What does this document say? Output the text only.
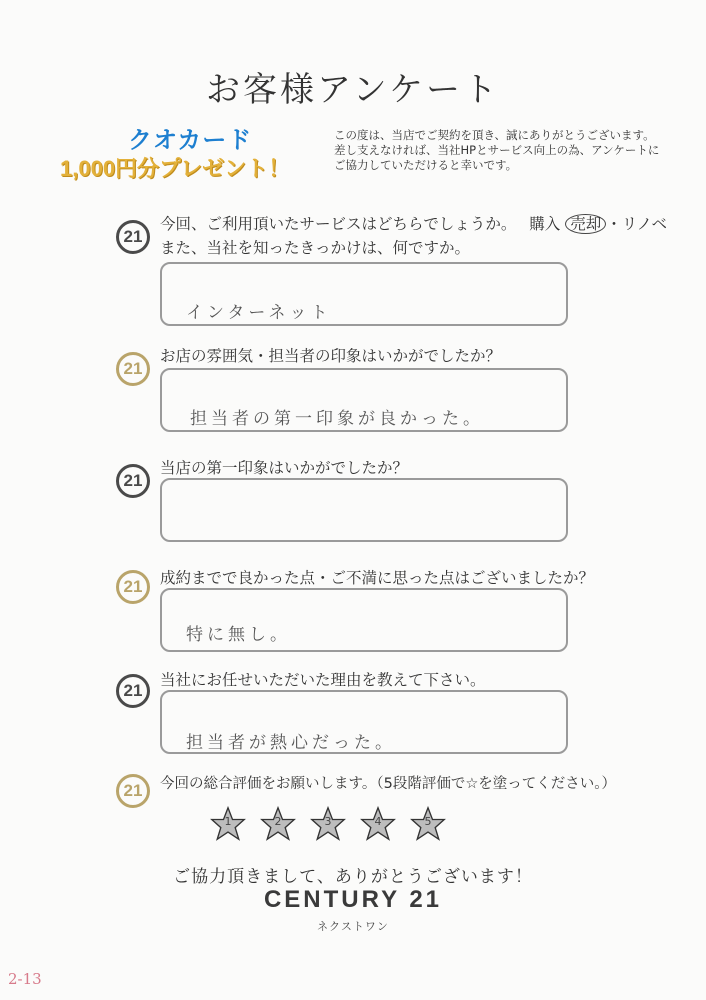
お客様アンケート
クオカード
1,000円分プレゼント！
この度は、当店でご契約を頂き、誠にありがとうございます。
差し支えなければ、当社HPとサービス向上の為、アンケートに
ご協力していただけると幸いです。
21
今回、ご利用頂いたサービスはどちらでしょうか。 購入 売却 ・リノベ
また、当社を知ったきっかけは、何ですか。
インターネット
21
お店の雰囲気・担当者の印象はいかがでしたか？
担当者の第一印象が良かった。
21
当店の第一印象はいかがでしたか？
21	成約までで良かった点・ご不満に思った点はございましたか？
特に無し。
21
当社にお任せいただいた理由を教えて下さい。
担当者が熱心だった。
21	今回の総合評価をお願いします。（5段階評価で☆を塗ってください。）
1	2	3	4	5
ご協力頂きまして、ありがとうございます！
CENTURY 21
ネクストワン
2-13
